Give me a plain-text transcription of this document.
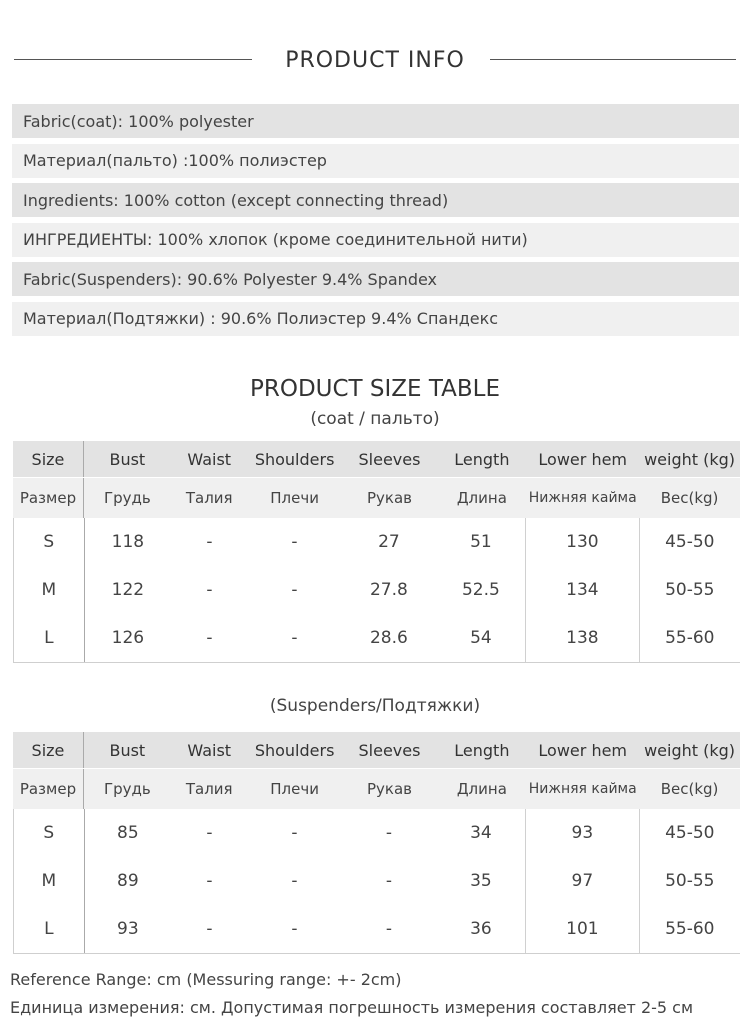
PRODUCT INFO
Fabric(coat): 100% polyester
Материал(пальто) :100% полиэстер
Ingredients: 100% cotton (except connecting thread)
ИНГРЕДИЕНТЫ: 100% хлопок (кроме соединительной нити)
Fabric(Suspenders): 90.6% Polyester 9.4% Spandex
Материал(Подтяжки) : 90.6% Полиэстер 9.4% Спандекс
PRODUCT SIZE TABLE
(coat / пальто)
Size	Bust	Waist	Shoulders	Sleeves	Length	Lower hem	weight (kg)
Размер	Грудь	Талия	Плечи	Рукав	Длина	Нижняя кайма	Вес(kg)
S	118	-	-	27	51	130	45-50
M	122	-	-	27.8	52.5	134	50-55
L	126	-	-	28.6	54	138	55-60
(Suspenders/Подтяжки)
Size	Bust	Waist	Shoulders	Sleeves	Length	Lower hem	weight (kg)
Размер	Грудь	Талия	Плечи	Рукав	Длина	Нижняя кайма	Вес(kg)
S	85	-	-	-	34	93	45-50
M	89	-	-	-	35	97	50-55
L	93	-	-	-	36	101	55-60
Reference Range: cm (Messuring range: +- 2cm)
Единица измерения: см. Допустимая погрешность измерения составляет 2-5 см
